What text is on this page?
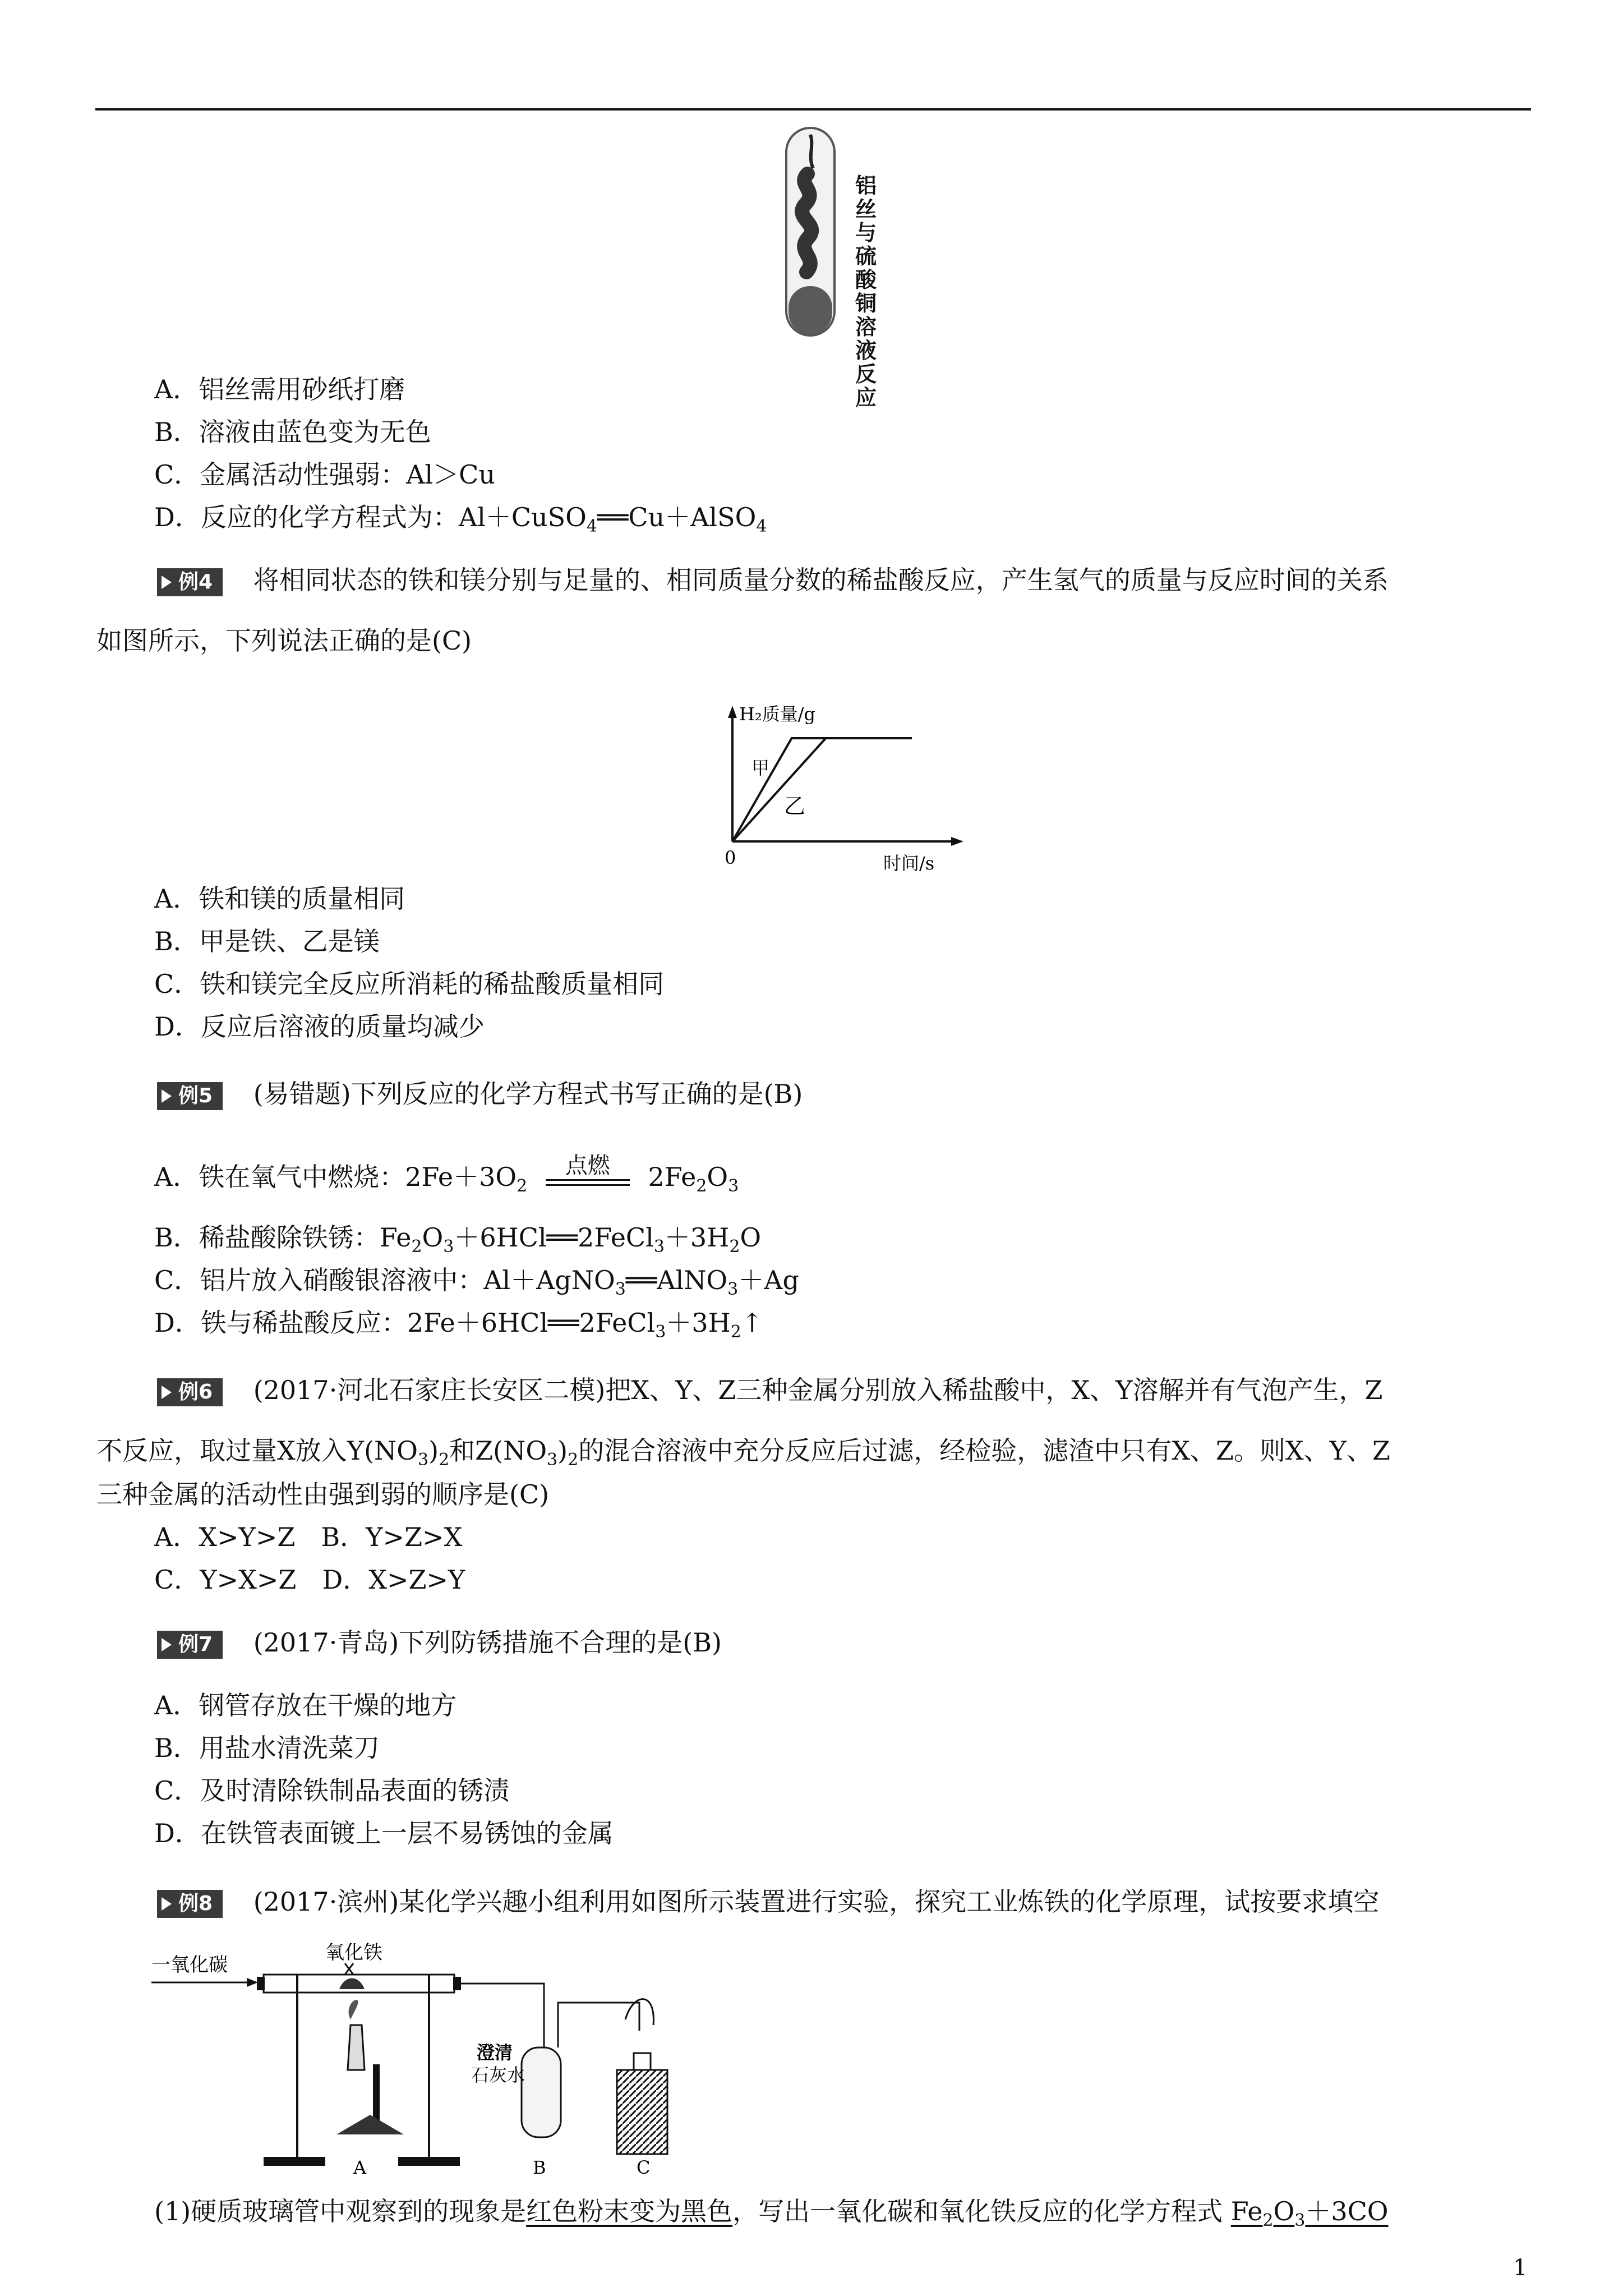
铝丝与硫酸铜溶液反应
A．铝丝需用砂纸打磨
B．溶液由蓝色变为无色
C．金属活动性强弱：Al＞Cu
D．反应的化学方程式为：Al＋CuSO$_4$══Cu＋AlSO$_4$
例4 将相同状态的铁和镁分别与足量的、相同质量分数的稀盐酸反应，产生氢气的质量与反应时间的关系
如图所示，下列说法正确的是(C)
H₂质量/g
甲
乙
0	时间/s
A．铁和镁的质量相同
B．甲是铁、乙是镁
C．铁和镁完全反应所消耗的稀盐酸质量相同
D．反应后溶液的质量均减少
例5 (易错题)下列反应的化学方程式书写正确的是(B)
A．铁在氧气中燃烧：$2Fe+3O_2$
点燃	$2Fe_2O_3$
B．稀盐酸除铁锈：$Fe_2O_3+6HCl══2FeCl_3+3H_2O$
C．铝片放入硝酸银溶液中：Al＋AgNO$_3$══AlNO$_3$＋Ag
D．铁与稀盐酸反应：$2Fe+6HCl══2FeCl_3+3H_2↑$
例6 (2017·河北石家庄长安区二模)把X、Y、Z三种金属分别放入稀盐酸中，X、Y溶解并有气泡产生，Z
不反应，取过量X放入$Y(NO_3)_2$和$Z(NO_3)_2$的混合溶液中充分反应后过滤，经检验，滤渣中只有X、Z。则X、Y、Z
三种金属的活动性由强到弱的顺序是(C)
A．X>Y>Z　B．Y>Z>X
C．Y>X>Z　D．X>Z>Y
例7 (2017·青岛)下列防锈措施不合理的是(B)
A．钢管存放在干燥的地方
B．用盐水清洗菜刀
C．及时清除铁制品表面的锈渍
D．在铁管表面镀上一层不易锈蚀的金属
例8 (2017·滨州)某化学兴趣小组利用如图所示装置进行实验，探究工业炼铁的化学原理，试按要求填空
一氧化碳
氧化铁
A
澄清
石灰水
B	C
(1)硬质玻璃管中观察到的现象是红色粉末变为黑色，写出一氧化碳和氧化铁反应的化学方程式 $Fe_2O_3+3CO$
1
